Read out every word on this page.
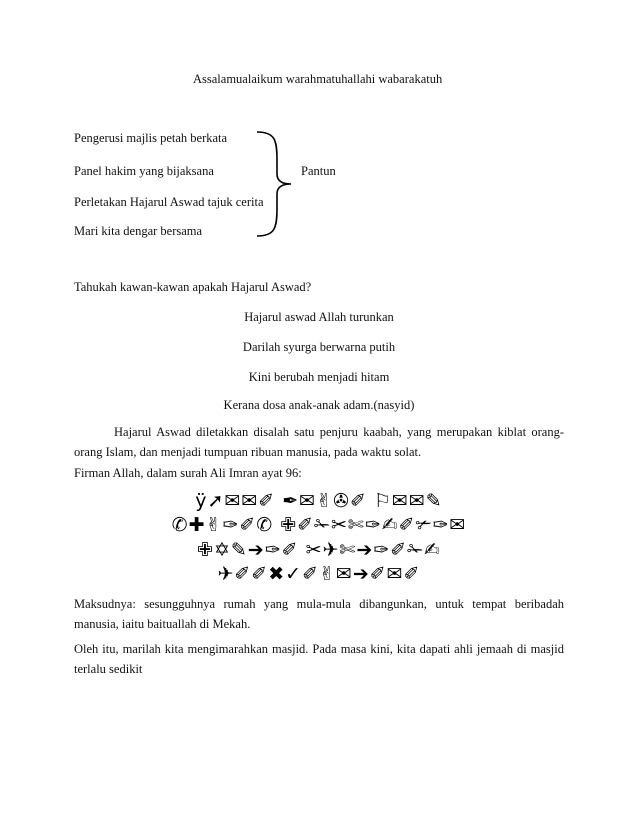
Assalamualaikum warahmatuhallahi wabarakatuh
Pengerusi majlis petah berkata
Panel hakim yang bijaksana
Perletakan Hajarul Aswad tajuk cerita
Mari kita dengar bersama
Pantun
Tahukah kawan-kawan apakah Hajarul Aswad?
Hajarul aswad Allah turunkan
Darilah syurga berwarna putih
Kini berubah menjadi hitam
Kerana dosa anak-anak adam.(nasyid)
Hajarul Aswad diletakkan disalah satu penjuru kaabah, yang merupakan kiblat orang-orang Islam, dan menjadi tumpuan ribuan manusia, pada waktu solat.
Firman Allah, dalam surah Ali Imran ayat 96:
ÿ➚✉✉✐ ✒✉✌✇✐ ⚐✉✉✎
✆✚✌✑✐✆ ✙✐✁✂✄✑✍✐✃✑✉
✙✡✎➔✑✐ ✂✈✄➔✑✐✁✍
✈✐✐✖✓✐✌✉➔✐✉✐
Maksudnya: sesungguhnya rumah yang mula-mula dibangunkan, untuk tempat beribadah manusia, iaitu baituallah di Mekah.
Oleh itu, marilah kita mengimarahkan masjid. Pada masa kini, kita dapati ahli jemaah di masjid terlalu sedikit
